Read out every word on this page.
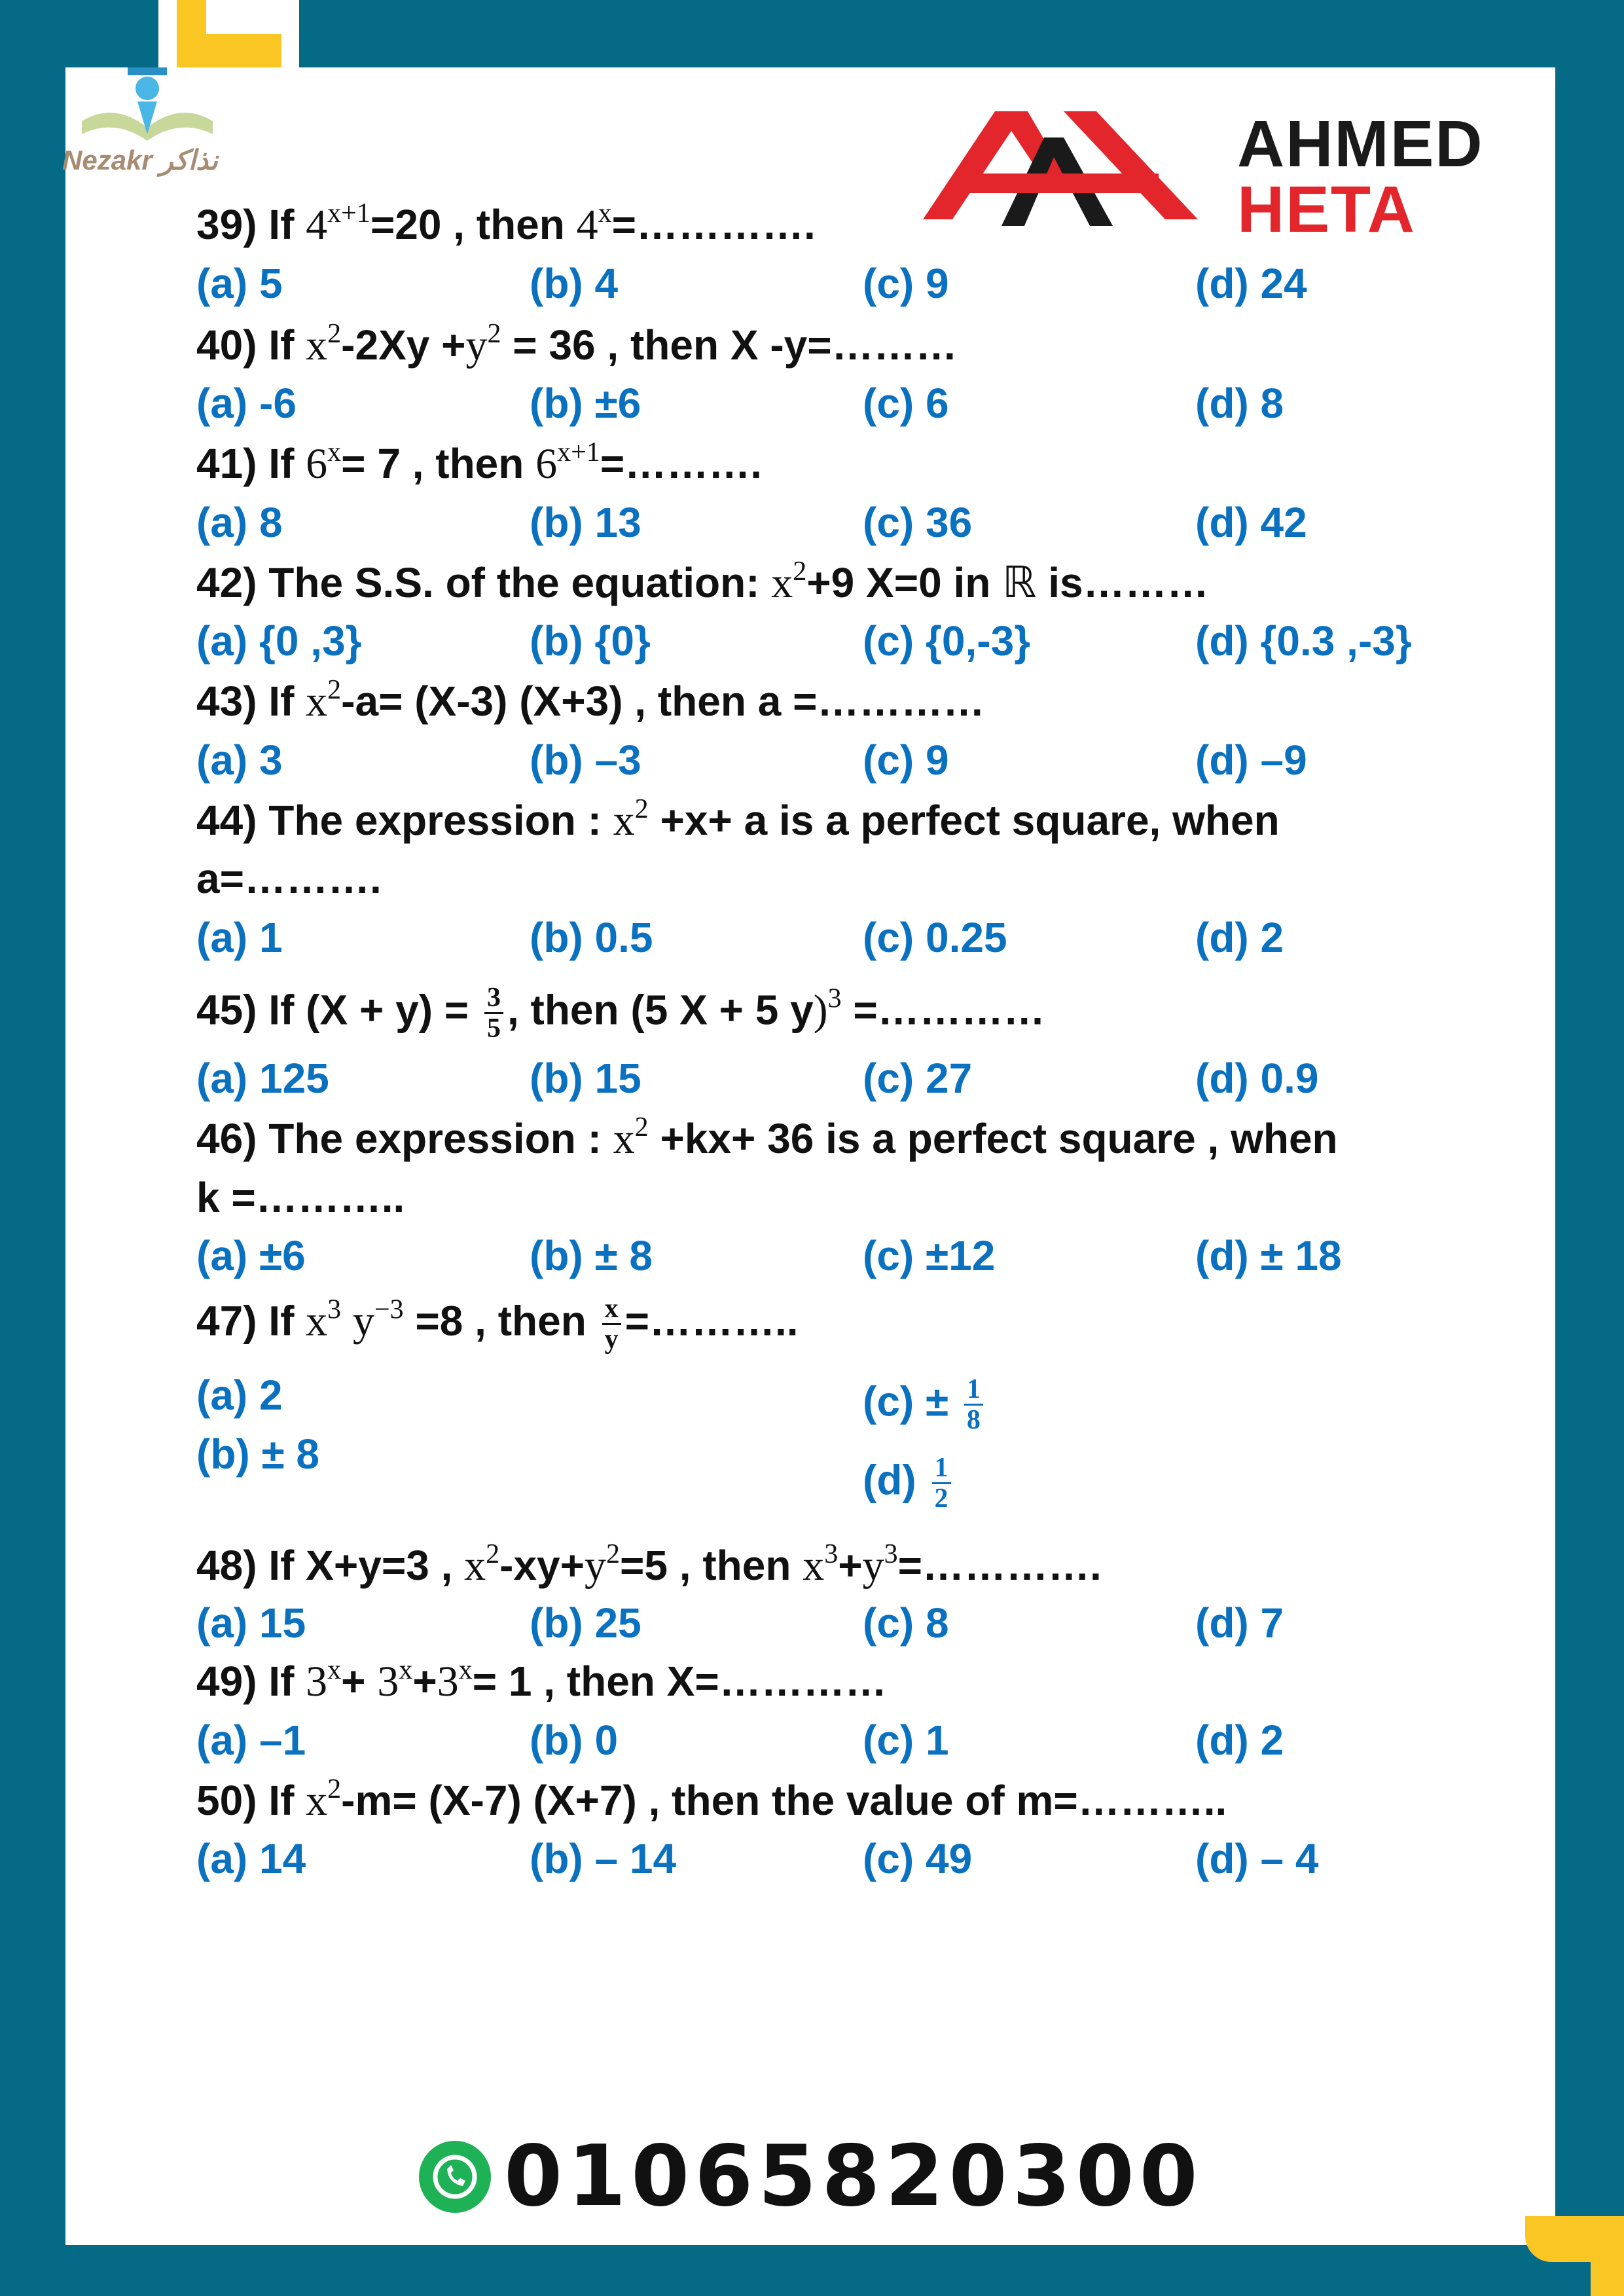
Nezakr نذاكر	AHMED
HETA
39) If $4^{x+1}=20$ , then $4^x=\dots\dots\dots\dots$.
(a) 5	(b) 4	(c) 9	(d) 24
40) If $x^2-2Xy +y^2 = 36$ , then X -y=………
(a) -6	(b) ±6	(c) 6	(d) 8
41) If $6^x= 7$ , then $6^{x+1}=\dots\dots\dots$.
(a) 8	(b) 13	(c) 36	(d) 42
42) The S.S. of the equation: $x^2+9$ X=0 in ℝ is………
(a) {0 ,3}	(b) {0}	(c) {0,-3}	(d) {0.3 ,-3}
43) If $x^2-a= (X-3)$ (X+3) , then a =…………
(a) 3	(b) –3	(c) 9	(d) –9
44) The expression : $x^2 +x+ a$ is a perfect square, when
a=……….
(a) 1	(b) 0.5	(c) 0.25	(d) 2
45) If $(X + y) = \frac{3}{5}$ , then (5 X + 5 y)$^3$ =…………
(a) 125	(b) 15	(c) 27	(d) 0.9
46) The expression : $x^2 +kx+ 36$ is a perfect square , when
k =………..
(a) ±6	(b) ± 8	(c) ±12	(d) ± 18
47) If $x^3$ $y^{-3} =8$ , then $\frac{x}{y}$ =………..
(a) 2
(b) ± 8
$(c) \pm \frac{1}{8}$
$(d) \frac{1}{2}$
48) If X+y=3 , $x^2-xy+y^2=5$ , then $x^3+y^3=\dots\dots\dots\dots$.
(a) 15	(b) 25	(c) 8	(d) 7
49) If $3^x+ 3^x+3^x= 1$ , then X=…………
(a) –1	(b) 0	(c) 1	(d) 2
50) If $x^2-m= (X-7)$ (X+7) , then the value of m=………..
(a) 14	(b) – 14	(c) 49	(d) – 4
01065820300
